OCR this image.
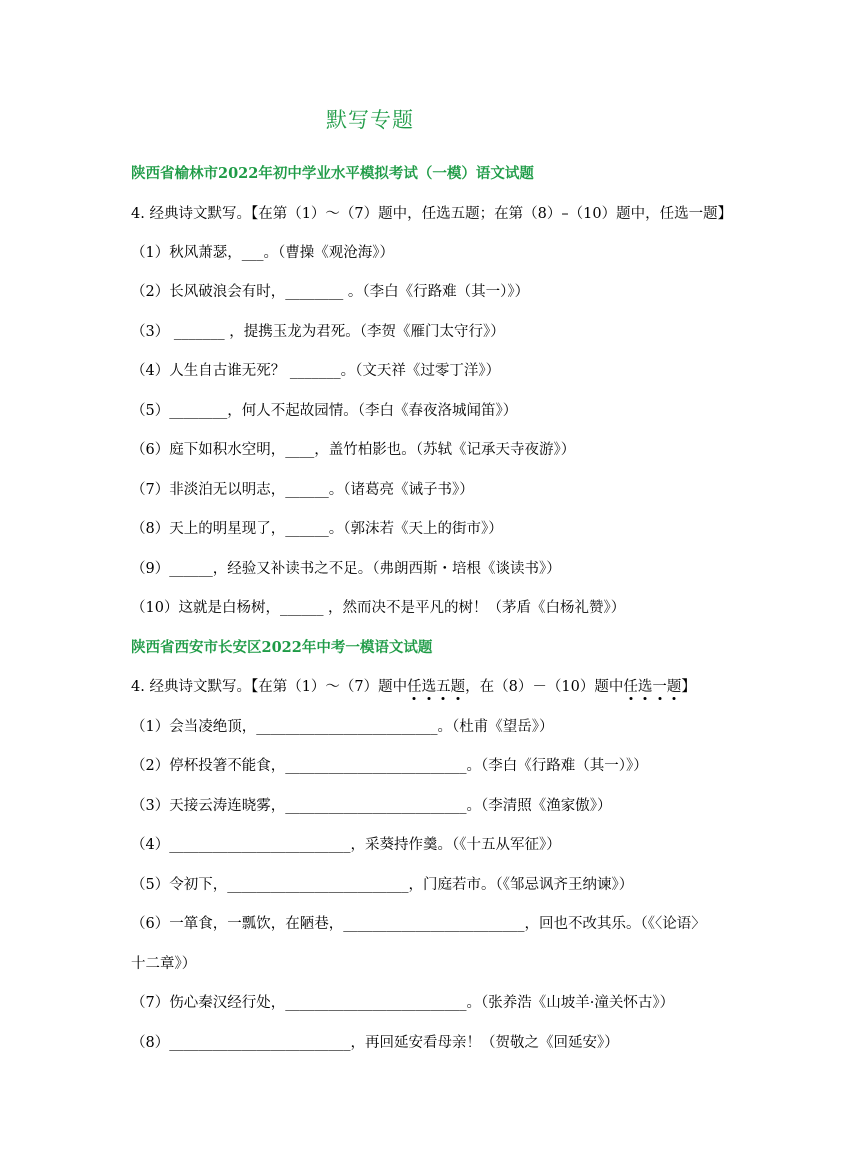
默写专题
陕西省榆林市2022年初中学业水平模拟考试（一模）语文试题
4. 经典诗文默写。【在第（1）～（7）题中，任选五题；在第（8）–（10）题中，任选一题】
（1）秋风萧瑟，___。（曹操《观沧海》）
（2）长风破浪会有时，________ 。（李白《行路难（其一）》）
（3） _______ ，提携玉龙为君死。（李贺《雁门太守行》）
（4）人生自古谁无死？ _______。（文天祥《过零丁洋》）
（5）________，何人不起故园情。（李白《春夜洛城闻笛》）
（6）庭下如积水空明，____，盖竹柏影也。（苏轼《记承天寺夜游》）
（7）非淡泊无以明志，______。（诸葛亮《诫子书》）
（8）天上的明星现了，______。（郭沫若《天上的街市》）
（9）______，经验又补读书之不足。（弗朗西斯・培根《谈读书》）
（10）这就是白杨树，______ ，然而决不是平凡的树！（茅盾《白杨礼赞》）
陕西省西安市长安区2022年中考一模语文试题
4. 经典诗文默写。【在第（1）～（7）题中任选五题，在（8）－（10）题中任选一题】
（1）会当凌绝顶，_________________________。（杜甫《望岳》）
（2）停杯投箸不能食，_________________________。（李白《行路难（其一）》）
（3）天接云涛连晓雾，_________________________。（李清照《渔家傲》）
（4）_________________________，采葵持作羹。（《十五从军征》）
（5）令初下，_________________________，门庭若市。（《邹忌讽齐王纳谏》）
（6）一箪食，一瓢饮，在陋巷，_________________________，回也不改其乐。（《〈论语〉
十二章》）
（7）伤心秦汉经行处，_________________________。（张养浩《山坡羊·潼关怀古》）
（8）_________________________，再回延安看母亲！（贺敬之《回延安》）
